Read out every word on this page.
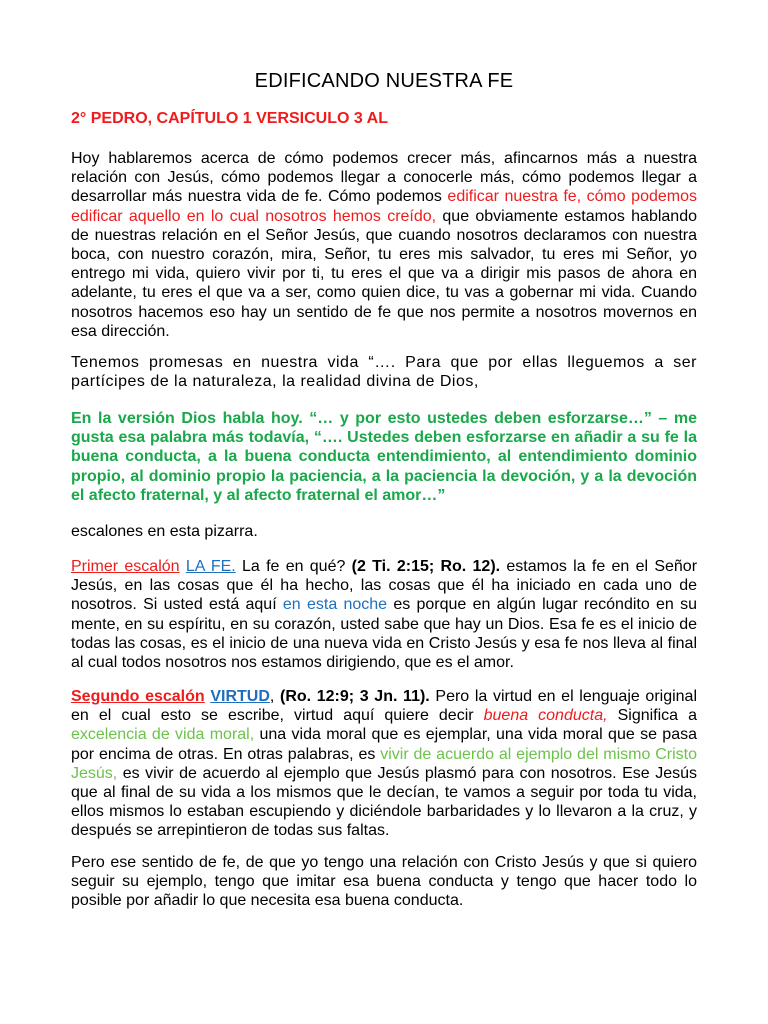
EDIFICANDO NUESTRA FE
2° PEDRO, CAPÍTULO 1 VERSICULO 3 AL
Hoy hablaremos acerca de cómo podemos crecer más, afincarnos más a nuestra relación con Jesús, cómo podemos llegar a conocerle más, cómo podemos llegar a desarrollar más nuestra vida de fe. Cómo podemos edificar nuestra fe, cómo podemos edificar aquello en lo cual nosotros hemos creído, que obviamente estamos hablando de nuestras relación en el Señor Jesús, que cuando nosotros declaramos con nuestra boca, con nuestro corazón, mira, Señor, tu eres mis salvador, tu eres mi Señor, yo entrego mi vida, quiero vivir por ti, tu eres el que va a dirigir mis pasos de ahora en adelante, tu eres el que va a ser, como quien dice, tu vas a gobernar mi vida. Cuando nosotros hacemos eso hay un sentido de fe que nos permite a nosotros movernos en esa dirección.
Tenemos promesas en nuestra vida “…. Para que por ellas lleguemos a ser partícipes de la naturaleza, la realidad divina de Dios,
En la versión Dios habla hoy. “… y por esto ustedes deben esforzarse…” – me gusta esa palabra más todavía, “…. Ustedes deben esforzarse en añadir a su fe la buena conducta, a la buena conducta entendimiento, al entendimiento dominio propio, al dominio propio la paciencia, a la paciencia la devoción, y a la devoción el afecto fraternal, y al afecto fraternal el amor…”
escalones en esta pizarra.
Primer escalón LA FE. La fe en qué? (2 Ti. 2:15; Ro. 12). estamos la fe en el Señor Jesús, en las cosas que él ha hecho, las cosas que él ha iniciado en cada uno de nosotros. Si usted está aquí en esta noche es porque en algún lugar recóndito en su mente, en su espíritu, en su corazón, usted sabe que hay un Dios. Esa fe es el inicio de todas las cosas, es el inicio de una nueva vida en Cristo Jesús y esa fe nos lleva al final al cual todos nosotros nos estamos dirigiendo, que es el amor.
Segundo escalón VIRTUD, (Ro. 12:9; 3 Jn. 11). Pero la virtud en el lenguaje original en el cual esto se escribe, virtud aquí quiere decir buena conducta, Significa a excelencia de vida moral, una vida moral que es ejemplar, una vida moral que se pasa por encima de otras. En otras palabras, es vivir de acuerdo al ejemplo del mismo Cristo Jesús, es vivir de acuerdo al ejemplo que Jesús plasmó para con nosotros. Ese Jesús que al final de su vida a los mismos que le decían, te vamos a seguir por toda tu vida, ellos mismos lo estaban escupiendo y diciéndole barbaridades y lo llevaron a la cruz, y después se arrepintieron de todas sus faltas.
Pero ese sentido de fe, de que yo tengo una relación con Cristo Jesús y que si quiero seguir su ejemplo, tengo que imitar esa buena conducta y tengo que hacer todo lo posible por añadir lo que necesita esa buena conducta.
